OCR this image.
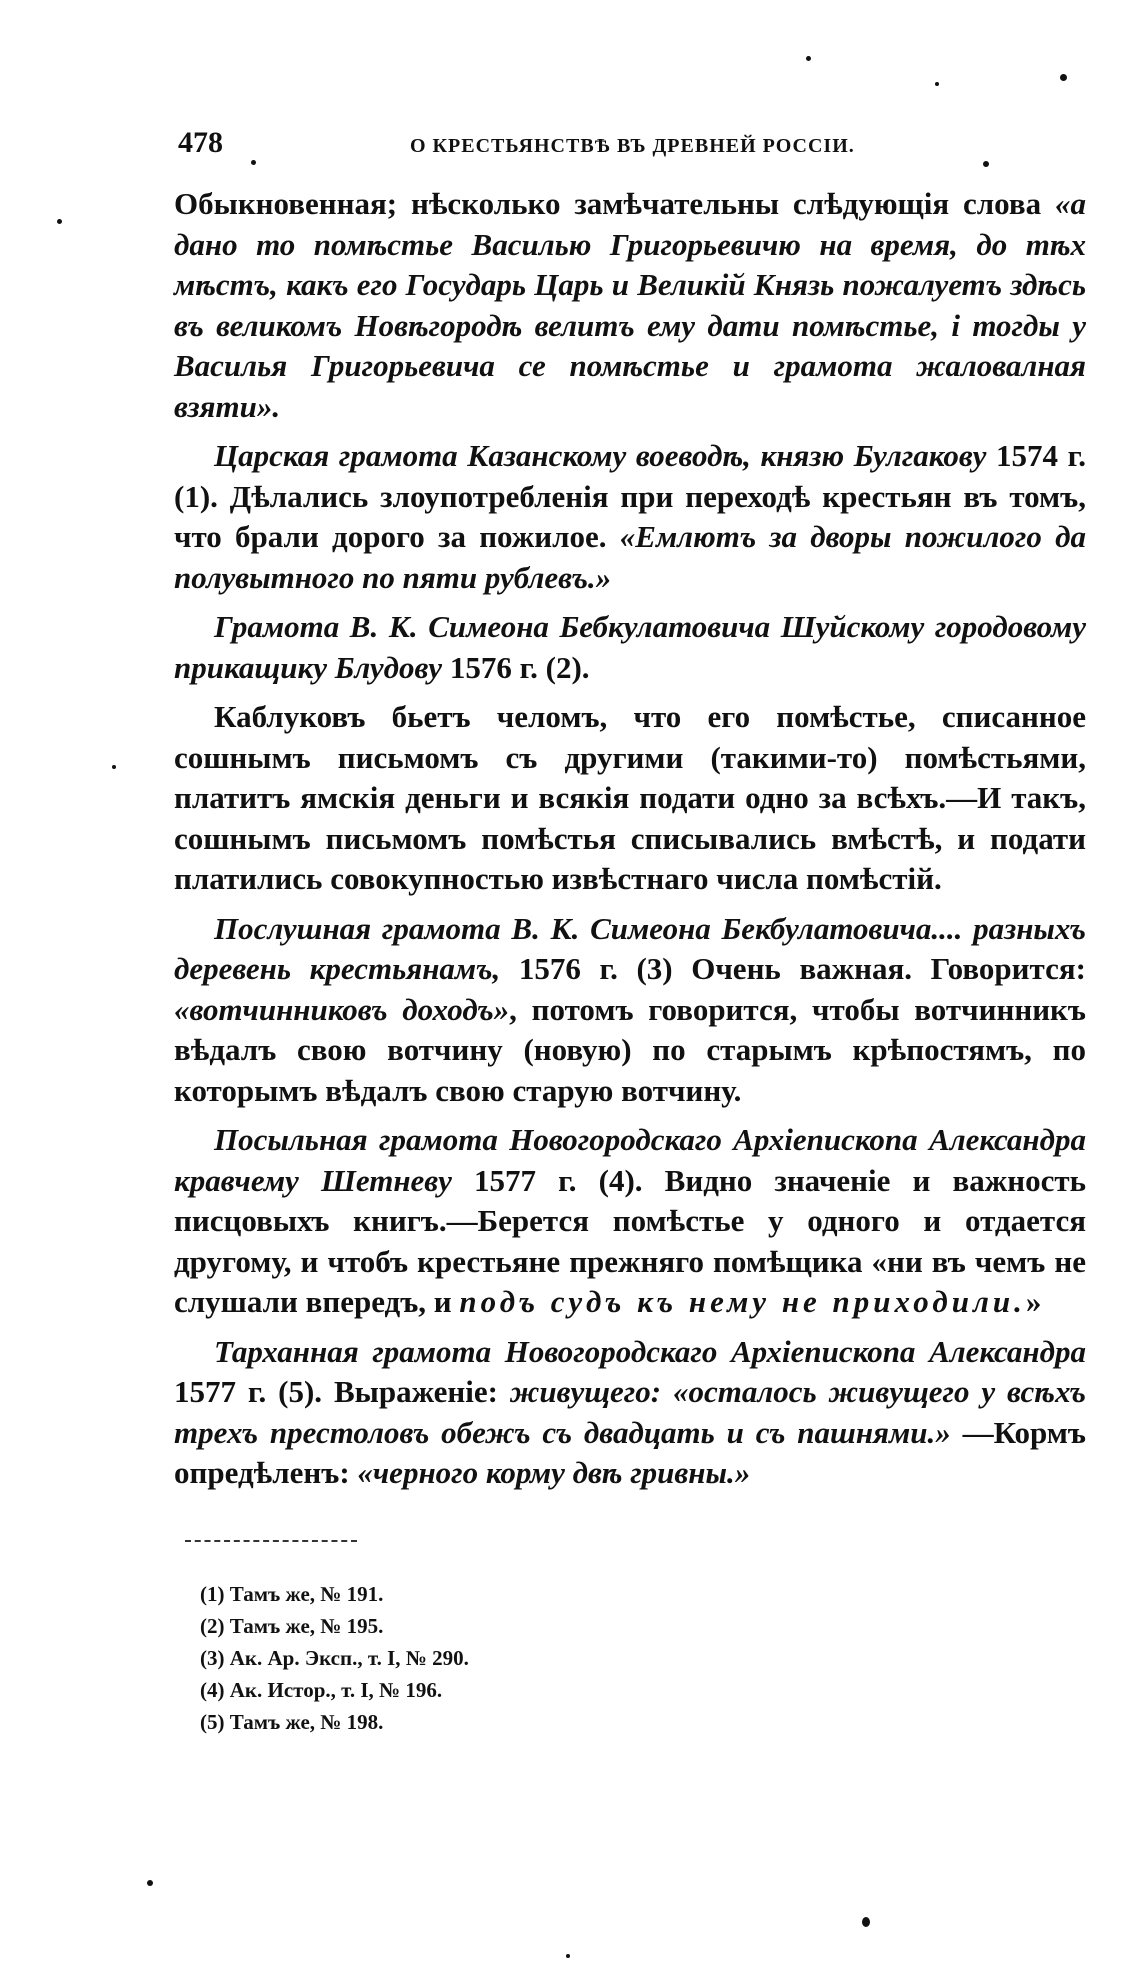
478	О КРЕСТЬЯНСТВѢ ВЪ ДРЕВНЕЙ РОССІИ.

Обыкновенная; нѣсколько замѣчательны слѣдующія слова «а дано то помѣстье Василью Григорьевичю на время, до тѣх мѣстъ, какъ его Государь Царь и Великій Князь пожалуетъ здѣсь въ великомъ Новѣгородѣ велитъ ему дати помѣстье, і тогды у Василья Григорьевича се помѣстье и грамота жаловалная взяти».

Царская грамота Казанскому воеводѣ, князю Булгакову 1574 г. (1). Дѣлались злоупотребленія при переходѣ крестьян въ томъ, что брали дорого за пожилое. «Емлютъ за дворы пожилого да полувытного по пяти рублевъ.»

Грамота В. К. Симеона Бебкулатовича Шуйскому городовому прикащику Блудову 1576 г. (2).

Каблуковъ бьетъ челомъ, что его помѣстье, списанное сошнымъ письмомъ съ другими (такими-то) помѣстьями, платитъ ямскія деньги и всякія подати одно за всѣхъ.—И такъ, сошнымъ письмомъ помѣстья списывались вмѣстѣ, и подати платились совокупностью извѣстнаго числа помѣстій.

Послушная грамота В. К. Симеона Бекбулатовича.... разныхъ деревень крестьянамъ, 1576 г. (3) Очень важная. Говорится: «вотчинниковъ доходъ», потомъ говорится, чтобы вотчинникъ вѣдалъ свою вотчину (новую) по старымъ крѣпостямъ, по которымъ вѣдалъ свою старую вотчину.

Посыльная грамота Новогородскаго Архіепископа Александра кравчему Шетневу 1577 г. (4). Видно значеніе и важность писцовыхъ книгъ.—Берется помѣстье у одного и отдается другому, и чтобъ крестьяне прежняго помѣщика «ни въ чемъ не слушали впередъ, и подъ судъ къ нему не приходили.»

Тарханная грамота Новогородскаго Архіепископа Александра 1577 г. (5). Выраженіе: живущего: «осталось живущего у всѣхъ трехъ престоловъ обежъ съ двадцать и съ пашнями.» —Кормъ опредѣленъ: «черного корму двѣ гривны.»

(1) Тамъ же, № 191.
(2) Тамъ же, № 195.
(3) Ак. Ар. Эксп., т. I, № 290.
(4) Ак. Истор., т. I, № 196.
(5) Тамъ же, № 198.
